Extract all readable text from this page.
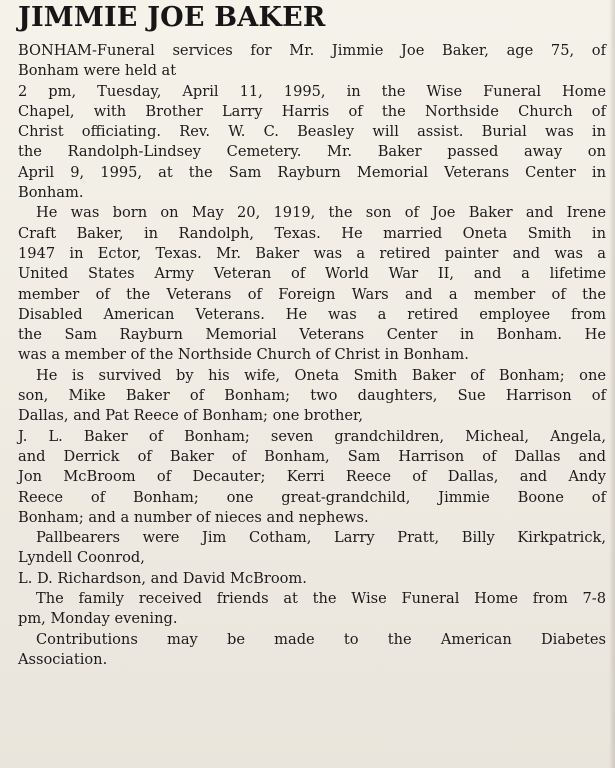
JIMMIE JOE BAKER
BONHAM-Funeral services for Mr. Jimmie Joe Baker, age 75, of
Bonham were held at
2 pm, Tuesday, April 11, 1995, in the Wise Funeral Home
Chapel, with Brother Larry Harris of the Northside Church of
Christ officiating. Rev. W. C. Beasley will assist. Burial was in
the Randolph-Lindsey Cemetery. Mr. Baker passed away on
April 9, 1995, at the Sam Rayburn Memorial Veterans Center in
Bonham.
He was born on May 20, 1919, the son of Joe Baker and Irene
Craft Baker, in Randolph, Texas. He married Oneta Smith in
1947 in Ector, Texas. Mr. Baker was a retired painter and was a
United States Army Veteran of World War II, and a lifetime
member of the Veterans of Foreign Wars and a member of the
Disabled American Veterans. He was a retired employee from
the Sam Rayburn Memorial Veterans Center in Bonham. He
was a member of the Northside Church of Christ in Bonham.
He is survived by his wife, Oneta Smith Baker of Bonham; one
son, Mike Baker of Bonham; two daughters, Sue Harrison of
Dallas, and Pat Reece of Bonham; one brother,
J. L. Baker of Bonham; seven grandchildren, Micheal, Angela,
and Derrick of Baker of Bonham, Sam Harrison of Dallas and
Jon McBroom of Decauter; Kerri Reece of Dallas, and Andy
Reece of Bonham; one great-grandchild, Jimmie Boone of
Bonham; and a number of nieces and nephews.
Pallbearers were Jim Cotham, Larry Pratt, Billy Kirkpatrick,
Lyndell Coonrod,
L. D. Richardson, and David McBroom.
The family received friends at the Wise Funeral Home from 7-8
pm, Monday evening.
Contributions may be made to the American Diabetes
Association.
